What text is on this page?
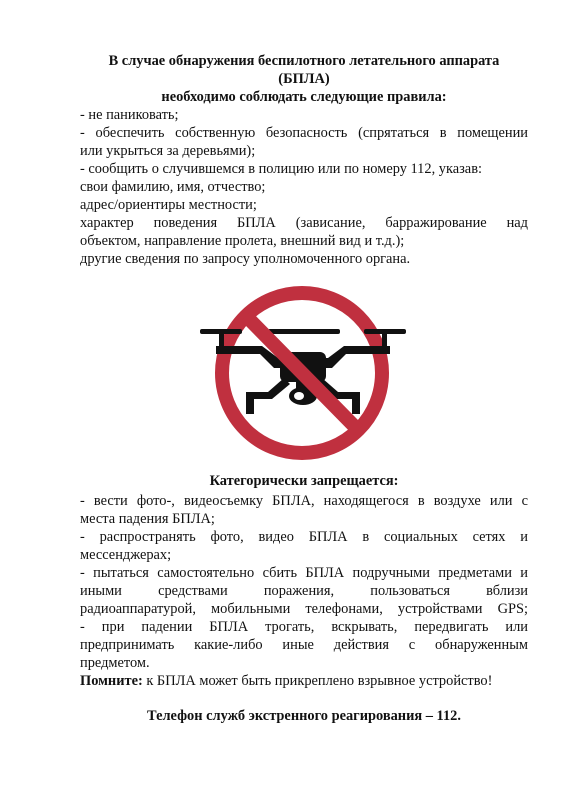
В случае обнаружения беспилотного летательного аппарата

(БПЛА)

необходимо соблюдать следующие правила:

- не паниковать;

- обеспечить собственную безопасность (спрятаться в помещении

или укрыться за деревьями);

- сообщить о случившемся в полицию или по номеру 112, указав:

свои фамилию, имя, отчество;

адрес/ориентиры местности;

характер поведения БПЛА (зависание, барражирование над

объектом, направление пролета, внешний вид и т.д.);

другие сведения по запросу уполномоченного органа.

Категорически запрещается:

- вести фото-, видеосъемку БПЛА, находящегося в воздухе или с

места падения БПЛА;

- распространять фото, видео БПЛА в социальных сетях и

мессенджерах;

- пытаться самостоятельно сбить БПЛА подручными предметами и

иными средствами поражения, пользоваться вблизи

радиоаппаратурой, мобильными телефонами, устройствами GPS;

- при падении БПЛА трогать, вскрывать, передвигать или

предпринимать какие-либо иные действия с обнаруженным

предметом.

Помните: к БПЛА может быть прикреплено взрывное устройство!

Телефон служб экстренного реагирования – 112.
